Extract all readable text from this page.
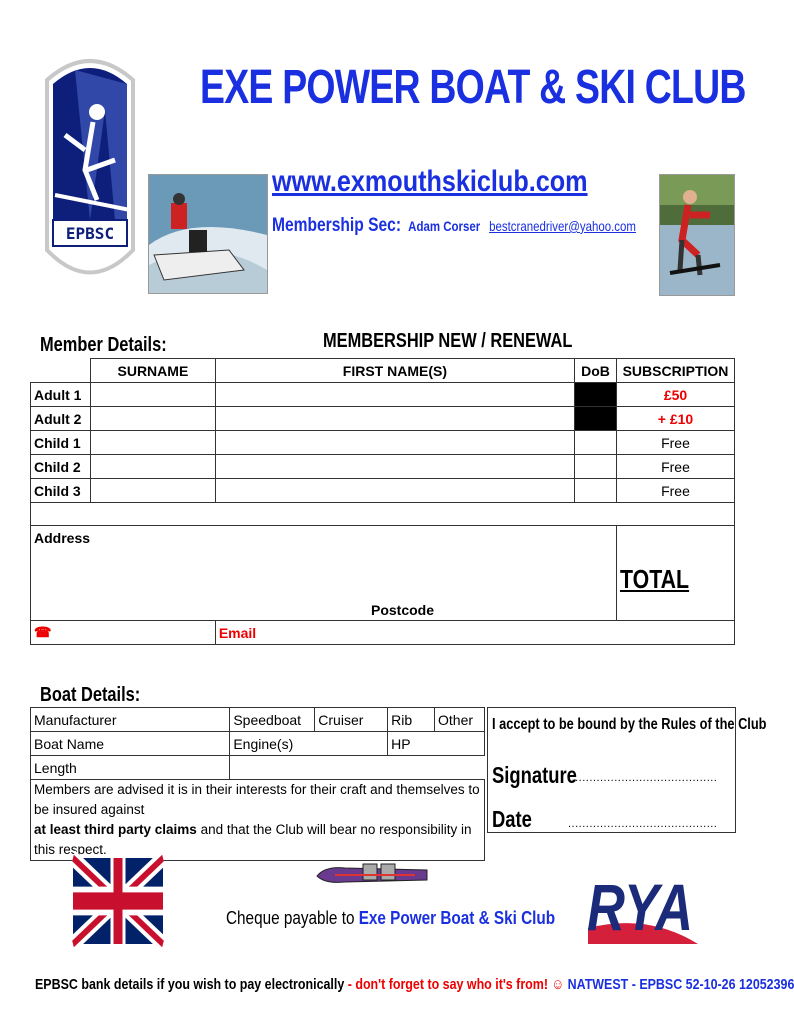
EPBSC
EXE POWER BOAT & SKI CLUB
www.exmouthskiclub.com
Membership Sec: Adam Corser bestcranedriver@yahoo.com
Member Details:	MEMBERSHIP NEW / RENEWAL
	SURNAME	FIRST NAME(S)	DoB	SUBSCRIPTION
Adult 1				£50
Adult 2				+ £10
Child 1				Free
Child 2				Free
Child 3				Free

Address
Postcode				TOTAL
☎		Email		
Boat Details:
Manufacturer	Speedboat	Cruiser	Rib	Other
Boat Name	Engine(s)		HP	
Length				
Members are advised it is in their interests for their craft and themselves to be insured against
at least third party claims and that the Club will bear no responsibility in this respect.				
I accept to be bound by the Rules of the Club
Signature
..........................................
Date	..........................................
RYA
Cheque payable to Exe Power Boat & Ski Club
EPBSC bank details if you wish to pay electronically - don't forget to say who it's from! ☺ NATWEST - EPBSC 52-10-26 12052396
